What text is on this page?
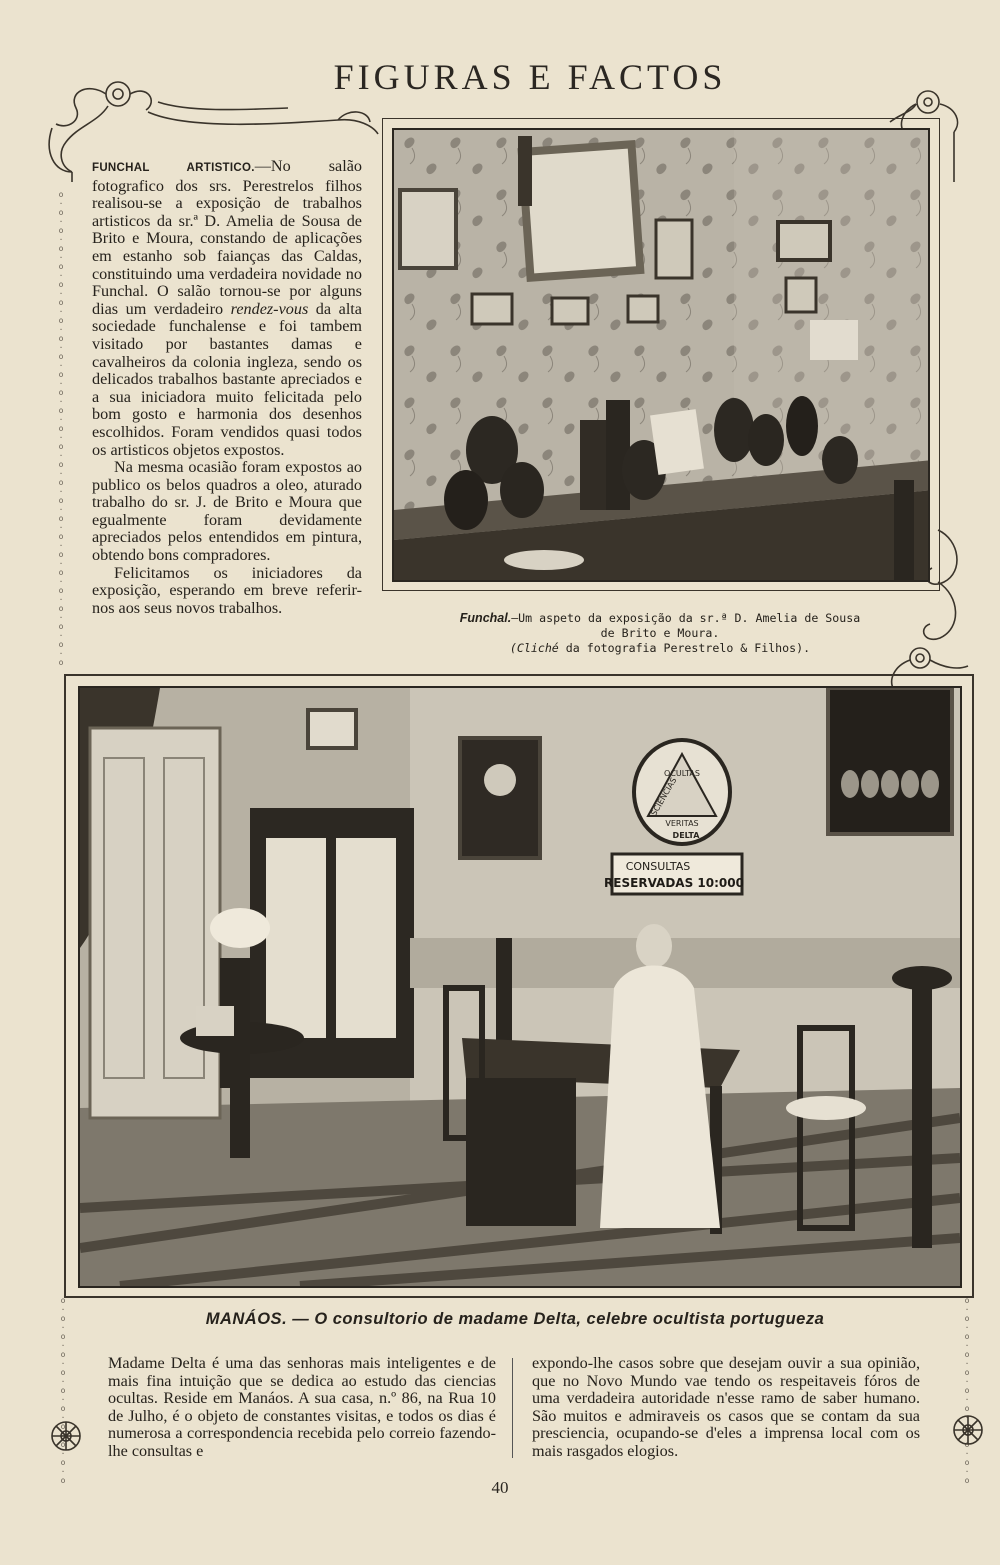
FIGURAS E FACTOS
o
·
o
·
o
·
o
·
o
·
o
·
o
·
o
·
o
·
o
·
o
·
o
·
o
·
o
·
o
·
o
·
o
·
o
·
o
·
o
·
o
·
o
·
o
·
o
·
o
·
o
·
o

FUNCHAL ARTISTICO.—No salão fotografico dos srs. Perestrelos filhos realisou-se a exposição de trabalhos artisticos da sr.ª D. Amelia de Sousa de Brito e Moura, constando de aplicações em estanho sob faianças das Caldas, constituindo uma verdadeira novidade no Funchal. O salão tornou-se por alguns dias um verdadeiro rendez-vous da alta sociedade funchalense e foi tambem visitado por bastantes damas e cavalheiros da colonia ingleza, sendo os delicados trabalhos bastante apreciados e a sua iniciadora muito felicitada pelo bom gosto e harmonia dos desenhos escolhidos. Foram vendidos quasi todos os artisticos objetos expostos.

Na mesma ocasião foram expostos ao publico os belos quadros a oleo, aturado trabalho do sr. J. de Brito e Moura que egualmente foram devidamente apreciados pelos entendidos em pintura, obtendo bons compradores.

Felicitamos os iniciadores da exposição, esperando em breve referir-nos aos seus novos trabalhos.

Funchal.—Um aspeto da exposição da sr.ª D. Amelia de Sousa
de Brito e Moura.
(Cliché da fotografia Perestrelo & Filhos).
OCULTAS
SCIENCIAS
VERITAS
DELTA
CONSULTAS
RESERVADAS 10:000
MANÁOS. — O consultorio de madame Delta, celebre ocultista portugueza
o
·
o
·
o
·
o
·
o
·
o
·
o
·
o
·
o
·
o
·
o
o
·
o
·
o
·
o
·
o
·
o
·
o
·
o
·
o
·
o
·
o

Madame Delta é uma das senhoras mais inteligentes e de mais fina intuição que se dedica ao estudo das ciencias ocultas. Reside em Manáos. A sua casa, n.º 86, na Rua 10 de Julho, é o objeto de constantes visitas, e todos os dias é numerosa a correspondencia recebida pelo correio fazendo-lhe consultas e

expondo-lhe casos sobre que desejam ouvir a sua opinião, que no Novo Mundo vae tendo os respeitaveis fóros de uma verdadeira autoridade n'esse ramo de saber humano. São muitos e admiraveis os casos que se contam da sua presciencia, ocupando-se d'eles a imprensa local com os mais rasgados elogios.

40
